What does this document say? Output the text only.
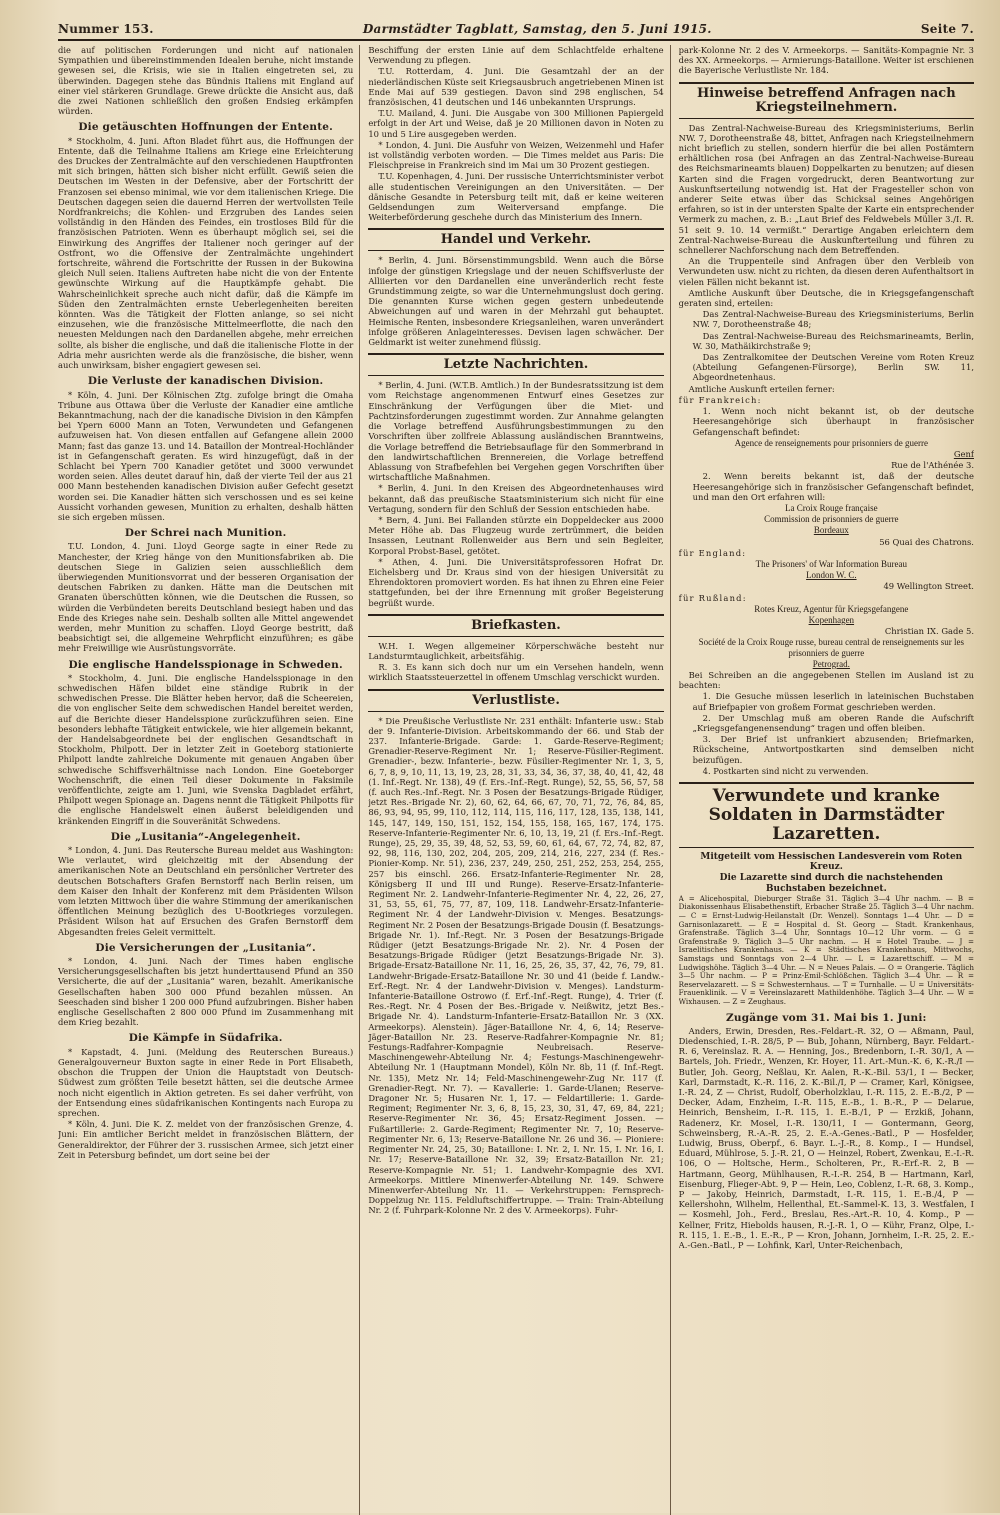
Nummer 153.	Darmstädter Tagblatt, Samstag, den 5. Juni 1915.	Seite 7.

die auf politischen Forderungen und nicht auf nationalen Sympathien und übereinstimmenden Idealen beruhe, nicht imstande gewesen sei, die Krisis, wie sie in Italien eingetreten sei, zu überwinden. Dagegen stehe das Bündnis Italiens mit England auf einer viel stärkeren Grundlage. Grewe drückte die Ansicht aus, daß die zwei Nationen schließlich den großen Endsieg erkämpfen würden.

Die getäuschten Hoffnungen der Entente.

* Stockholm, 4. Juni. Afton Bladet führt aus, die Hoffnungen der Entente, daß die Teilnahme Italiens am Kriege eine Erleichterung des Druckes der Zentralmächte auf den verschiedenen Hauptfronten mit sich bringen, hätten sich bisher nicht erfüllt. Gewiß seien die Deutschen im Westen in der Defensive, aber der Fortschritt der Franzosen sei ebenso minimal, wie vor dem italienischen Kriege. Die Deutschen dagegen seien die dauernd Herren der wertvollsten Teile Nordfrankreichs; die Kohlen- und Erzgruben des Landes seien vollständig in den Händen des Feindes, ein trostloses Bild für die französischen Patrioten. Wenn es überhaupt möglich sei, sei die Einwirkung des Angriffes der Italiener noch geringer auf der Ostfront, wo die Offensive der Zentralmächte ungehindert fortschreite, während die Fortschritte der Russen in der Bukowina gleich Null seien. Italiens Auftreten habe nicht die von der Entente gewünschte Wirkung auf die Hauptkämpfe gehabt. Die Wahrscheinlichkeit spreche auch nicht dafür, daß die Kämpfe im Süden den Zentralmächten ernste Ueberlegenheiten bereiten könnten. Was die Tätigkeit der Flotten anlange, so sei nicht einzusehen, wie die französische Mittelmeerflotte, die nach den neuesten Meldungen nach den Dardanellen abgehe, mehr erreichen sollte, als bisher die englische, und daß die italienische Flotte in der Adria mehr ausrichten werde als die französische, die bisher, wenn auch unwirksam, bisher engagiert gewesen sei.

Die Verluste der kanadischen Division.

* Köln, 4. Juni. Der Kölnischen Ztg. zufolge bringt die Omaha Tribune aus Ottawa über die Verluste der Kanadier eine amtliche Bekanntmachung, nach der die kanadische Division in den Kämpfen bei Ypern 6000 Mann an Toten, Verwundeten und Gefangenen aufzuweisen hat. Von diesen entfallen auf Gefangene allein 2000 Mann; fast das ganze 13. und 14. Bataillon der Montreal-Hochländer ist in Gefangenschaft geraten. Es wird hinzugefügt, daß in der Schlacht bei Ypern 700 Kanadier getötet und 3000 verwundet worden seien. Alles deutet darauf hin, daß der vierte Teil der aus 21 000 Mann bestehenden kanadischen Division außer Gefecht gesetzt worden sei. Die Kanadier hätten sich verschossen und es sei keine Aussicht vorhanden gewesen, Munition zu erhalten, deshalb hätten sie sich ergeben müssen.

Der Schrei nach Munition.

T.U. London, 4. Juni. Lloyd George sagte in einer Rede zu Manchester, der Krieg hänge von den Munitionsfabriken ab. Die deutschen Siege in Galizien seien ausschließlich dem überwiegenden Munitionsvorrat und der besseren Organisation der deutschen Fabriken zu danken. Hätte man die Deutschen mit Granaten überschütten können, wie die Deutschen die Russen, so würden die Verbündeten bereits Deutschland besiegt haben und das Ende des Krieges nahe sein. Deshalb sollten alle Mittel angewendet werden, mehr Munition zu schaffen. Lloyd George bestritt, daß beabsichtigt sei, die allgemeine Wehrpflicht einzuführen; es gäbe mehr Freiwillige wie Ausrüstungsvorräte.

Die englische Handelsspionage in Schweden.

* Stockholm, 4. Juni. Die englische Handelsspionage in den schwedischen Häfen bildet eine ständige Rubrik in der schwedischen Presse. Die Blätter heben hervor, daß die Scheereien, die von englischer Seite dem schwedischen Handel bereitet werden, auf die Berichte dieser Handelsspione zurückzuführen seien. Eine besonders lebhafte Tätigkeit entwickele, wie hier allgemein bekannt, der Handelsabgeordnete bei der englischen Gesandtschaft in Stockholm, Philpott. Der in letzter Zeit in Goeteborg stationierte Philpott landte zahlreiche Dokumente mit genauen Angaben über schwedische Schiffsverhältnisse nach London. Eine Goeteborger Wochenschrift, die einen Teil dieser Dokumente in Faksimile veröffentlichte, zeigte am 1. Juni, wie Svenska Dagbladet erfährt, Philpott wegen Spionage an. Dagens nennt die Tätigkeit Philpotts für die englische Handelswelt einen äußerst beleidigenden und kränkenden Eingriff in die Souveränität Schwedens.

Die „Lusitania“-Angelegenheit.

* London, 4. Juni. Das Reutersche Bureau meldet aus Washington: Wie verlautet, wird gleichzeitig mit der Absendung der amerikanischen Note an Deutschland ein persönlicher Vertreter des deutschen Botschafters Grafen Bernstorff nach Berlin reisen, um dem Kaiser den Inhalt der Konferenz mit dem Präsidenten Wilson vom letzten Mittwoch über die wahre Stimmung der amerikanischen öffentlichen Meinung bezüglich des U-Bootkrieges vorzulegen. Präsident Wilson hat auf Ersuchen des Grafen Bernstorff dem Abgesandten freies Geleit vermittelt.

Die Versicherungen der „Lusitania“.

* London, 4. Juni. Nach der Times haben englische Versicherungsgesellschaften bis jetzt hunderttausend Pfund an 350 Versicherte, die auf der „Lusitania“ waren, bezahlt. Amerikanische Gesellschaften haben 300 000 Pfund bezahlen müssen. An Seeschaden sind bisher 1 200 000 Pfund aufzubringen. Bisher haben englische Gesellschaften 2 800 000 Pfund im Zusammenhang mit dem Krieg bezahlt.

Die Kämpfe in Südafrika.

* Kapstadt, 4. Juni. (Meldung des Reuterschen Bureaus.) Generalgouverneur Buxton sagte in einer Rede in Port Elisabeth, obschon die Truppen der Union die Hauptstadt von Deutsch-Südwest zum größten Teile besetzt hätten, sei die deutsche Armee noch nicht eigentlich in Aktion getreten. Es sei daher verfrüht, von der Entsendung eines südafrikanischen Kontingents nach Europa zu sprechen.

* Köln, 4. Juni. Die K. Z. meldet von der französischen Grenze, 4. Juni: Ein amtlicher Bericht meldet in französischen Blättern, der Generaldirektor, der Führer der 3. russischen Armee, sich jetzt einer Zeit in Petersburg befindet, um dort seine bei der

Beschiffung der ersten Linie auf dem Schlachtfelde erhaltene Verwendung zu pflegen.

T.U. Rotterdam, 4. Juni. Die Gesamtzahl der an der niederländischen Küste seit Kriegsausbruch angetriebenen Minen ist Ende Mai auf 539 gestiegen. Davon sind 298 englischen, 54 französischen, 41 deutschen und 146 unbekannten Ursprungs.

T.U. Mailand, 4. Juni. Die Ausgabe von 300 Millionen Papiergeld erfolgt in der Art und Weise, daß je 20 Millionen davon in Noten zu 10 und 5 Lire ausgegeben werden.

* London, 4. Juni. Die Ausfuhr von Weizen, Weizenmehl und Hafer ist vollständig verboten worden. — Die Times meldet aus Paris: Die Fleischpreise in Frankreich sind im Mai um 30 Prozent gestiegen.

T.U. Kopenhagen, 4. Juni. Der russische Unterrichtsminister verbot alle studentischen Vereinigungen an den Universitäten. — Der dänische Gesandte in Petersburg teilt mit, daß er keine weiteren Geldsendungen zum Weiterversand empfange. Die Weiterbeförderung geschehe durch das Ministerium des Innern.

Handel und Verkehr.

* Berlin, 4. Juni. Börsenstimmungsbild. Wenn auch die Börse infolge der günstigen Kriegslage und der neuen Schiffsverluste der Alliierten vor den Dardanellen eine unveränderlich recht feste Grundstimmung zeigte, so war die Unternehmungslust doch gering. Die genannten Kurse wichen gegen gestern unbedeutende Abweichungen auf und waren in der Mehrzahl gut behauptet. Heimische Renten, insbesondere Kriegsanleihen, waren unverändert infolge größeren Anlageinteresses. Devisen lagen schwächer. Der Geldmarkt ist weiter zunehmend flüssig.

Letzte Nachrichten.

* Berlin, 4. Juni. (W.T.B. Amtlich.) In der Bundesratssitzung ist dem vom Reichstage angenommenen Entwurf eines Gesetzes zur Einschränkung der Verfügungen über die Miet- und Pachtzinsforderungen zugestimmt worden. Zur Annahme gelangten die Vorlage betreffend Ausführungsbestimmungen zu den Vorschriften über zollfreie Ablassung ausländischen Branntweins, die Vorlage betreffend die Betriebsauflage für den Sommerbrand in den landwirtschaftlichen Brennereien, die Vorlage betreffend Ablassung von Strafbefehlen bei Vergehen gegen Vorschriften über wirtschaftliche Maßnahmen.

* Berlin, 4. Juni. In den Kreisen des Abgeordnetenhauses wird bekannt, daß das preußische Staatsministerium sich nicht für eine Vertagung, sondern für den Schluß der Session entschieden habe.

* Bern, 4. Juni. Bei Fallanden stürzte ein Doppeldecker aus 2000 Meter Höhe ab. Das Flugzeug wurde zertrümmert, die beiden Insassen, Leutnant Rollenweider aus Bern und sein Begleiter, Korporal Probst-Basel, getötet.

* Athen, 4. Juni. Die Universitätsprofessoren Hofrat Dr. Eichelsberg und Dr. Kraus sind von der hiesigen Universität zu Ehrendoktoren promoviert worden. Es hat ihnen zu Ehren eine Feier stattgefunden, bei der ihre Ernennung mit großer Begeisterung begrüßt wurde.

Briefkasten.

W.H. I. Wegen allgemeiner Körperschwäche besteht nur Landsturmtauglichkeit, arbeitsfähig.

R. 3. Es kann sich doch nur um ein Versehen handeln, wenn wirklich Staatssteuerzettel in offenem Umschlag verschickt wurden.

Verlustliste.

* Die Preußische Verlustliste Nr. 231 enthält: Infanterie usw.: Stab der 9. Infanterie-Division. Arbeitskommando der 66. und Stab der 237. Infanterie-Brigade. Garde: 1. Garde-Reserve-Regiment; Grenadier-Reserve-Regiment Nr. 1; Reserve-Füsilier-Regiment. Grenadier-, bezw. Infanterie-, bezw. Füsilier-Regimenter Nr. 1, 3, 5, 6, 7, 8, 9, 10, 11, 13, 19, 23, 28, 31, 33, 34, 36, 37, 38, 40, 41, 42, 48 (1. Inf.-Regt. Nr. 138), 49 (f. Ers.-Inf.-Regt. Runge), 52, 55, 56, 57, 58 (f. auch Res.-Inf.-Regt. Nr. 3 Posen der Besatzungs-Brigade Rüdiger, jetzt Res.-Brigade Nr. 2), 60, 62, 64, 66, 67, 70, 71, 72, 76, 84, 85, 86, 93, 94, 95, 99, 110, 112, 114, 115, 116, 117, 128, 135, 138, 141, 145, 147, 149, 150, 151, 152, 154, 155, 158, 165, 167, 174, 175. Reserve-Infanterie-Regimenter Nr. 6, 10, 13, 19, 21 (f. Ers.-Inf.-Regt. Runge), 25, 29, 35, 39, 48, 52, 53, 59, 60, 61, 64, 67, 72, 74, 82, 87, 92, 98, 116, 130, 202, 204, 205, 209, 214, 216, 227, 234 (f. Res.-Pionier-Komp. Nr. 51), 236, 237, 249, 250, 251, 252, 253, 254, 255, 257 bis einschl. 266. Ersatz-Infanterie-Regimenter Nr. 28, Königsberg II und III und Runge). Reserve-Ersatz-Infanterie-Regiment Nr. 2. Landwehr-Infanterie-Regimenter Nr. 4, 22, 26, 27, 31, 53, 55, 61, 75, 77, 87, 109, 118. Landwehr-Ersatz-Infanterie-Regiment Nr. 4 der Landwehr-Division v. Menges. Besatzungs-Regiment Nr. 2 Posen der Besatzungs-Brigade Dousin (f. Besatzungs-Brigade Nr. 1). Inf.-Regt. Nr. 3 Posen der Besatzungs-Brigade Rüdiger (jetzt Besatzungs-Brigade Nr. 2). Nr. 4 Posen der Besatzungs-Brigade Rüdiger (jetzt Besatzungs-Brigade Nr. 3). Brigade-Ersatz-Bataillone Nr. 11, 16, 25, 26, 35, 37, 42, 76, 79, 81. Landwehr-Brigade-Ersatz-Bataillone Nr. 30 und 41 (beide f. Landw.-Erf.-Regt. Nr. 4 der Landwehr-Division v. Menges). Landsturm-Infanterie-Bataillone Ostrowo (f. Erf.-Inf.-Regt. Runge), 4. Trier (f. Res.-Regt. Nr. 4 Posen der Bes.-Brigade v. Neißwitz, jetzt Bes.-Brigade Nr. 4). Landsturm-Infanterie-Ersatz-Bataillon Nr. 3 (XX. Armeekorps). Alenstein). Jäger-Bataillone Nr. 4, 6, 14; Reserve-Jäger-Bataillon Nr. 23. Reserve-Radfahrer-Kompagnie Nr. 81; Festungs-Radfahrer-Kompagnie Neubreisach. Reserve-Maschinengewehr-Abteilung Nr. 4; Festungs-Maschinengewehr-Abteilung Nr. 1 (Hauptmann Mondel), Köln Nr. 8b, 11 (f. Inf.-Regt. Nr. 135), Metz Nr. 14; Feld-Maschinengewehr-Zug Nr. 117 (f. Grenadier-Regt. Nr. 7). — Kavallerie: 1. Garde-Ulanen; Reserve-Dragoner Nr. 5; Husaren Nr. 1, 17. — Feldartillerie: 1. Garde-Regiment; Regimenter Nr. 3, 6, 8, 15, 23, 30, 31, 47, 69, 84, 221; Reserve-Regimenter Nr. 36, 45; Ersatz-Regiment Jossen. — Fußartillerie: 2. Garde-Regiment; Regimenter Nr. 7, 10; Reserve-Regimenter Nr. 6, 13; Reserve-Bataillone Nr. 26 und 36. — Pioniere: Regimenter Nr. 24, 25, 30; Bataillone: I. Nr. 2, I. Nr. 15, I. Nr. 16, I. Nr. 17; Reserve-Bataillone Nr. 32, 39; Ersatz-Bataillon Nr. 21; Reserve-Kompagnie Nr. 51; 1. Landwehr-Kompagnie des XVI. Armeekorps. Mittlere Minenwerfer-Abteilung Nr. 149. Schwere Minenwerfer-Abteilung Nr. 11. — Verkehrstruppen: Fernsprech-Doppelzug Nr. 115. Feldluftschiffertruppe. — Train: Train-Abteilung Nr. 2 (f. Fuhrpark-Kolonne Nr. 2 des V. Armeekorps). Fuhr-

park-Kolonne Nr. 2 des V. Armeekorps. — Sanitäts-Kompagnie Nr. 3 des XX. Armeekorps. — Armierungs-Bataillone. Weiter ist erschienen die Bayerische Verlustliste Nr. 184.

Hinweise betreffend Anfragen nach Kriegsteilnehmern.

Das Zentral-Nachweise-Bureau des Kriegsministeriums, Berlin NW. 7, Dorotheenstraße 48, bittet, Anfragen nach Kriegsteilnehmern nicht brieflich zu stellen, sondern hierfür die bei allen Postämtern erhältlichen rosa (bei Anfragen an das Zentral-Nachweise-Bureau des Reichsmarineamts blauen) Doppelkarten zu benutzen; auf diesen Karten sind die Fragen vorgedruckt, deren Beantwortung zur Auskunftserteilung notwendig ist. Hat der Fragesteller schon von anderer Seite etwas über das Schicksal seines Angehörigen erfahren, so ist in der untersten Spalte der Karte ein entsprechender Vermerk zu machen, z. B.: „Laut Brief des Feldwebels Müller 3./I. R. 51 seit 9. 10. 14 vermißt.“ Derartige Angaben erleichtern dem Zentral-Nachweise-Bureau die Auskunfterteilung und führen zu schnellerer Nachforschung nach dem Betreffenden.

An die Truppenteile sind Anfragen über den Verbleib von Verwundeten usw. nicht zu richten, da diesen deren Aufenthaltsort in vielen Fällen nicht bekannt ist.

Amtliche Auskunft über Deutsche, die in Kriegsgefangenschaft geraten sind, erteilen:

Das Zentral-Nachweise-Bureau des Kriegsministeriums, Berlin NW. 7, Dorotheenstraße 48;

Das Zentral-Nachweise-Bureau des Reichsmarineamts, Berlin, W. 30, Mathäikirchstraße 9;

Das Zentralkomitee der Deutschen Vereine vom Roten Kreuz (Abteilung Gefangenen-Fürsorge), Berlin SW. 11, Abgeordnetenhaus.

Amtliche Auskunft erteilen ferner:

für Frankreich:

1. Wenn noch nicht bekannt ist, ob der deutsche Heeresangehörige sich überhaupt in französischer Gefangenschaft befindet:

Agence de renseignements pour prisonniers de guerre

Genf

Rue de l'Athénée 3.

2. Wenn bereits bekannt ist, daß der deutsche Heeresangehörige sich in französischer Gefangenschaft befindet, und man den Ort erfahren will:

La Croix Rouge française

Commission de prisonniers de guerre

Bordeaux

56 Quai des Chatrons.

für England:

The Prisoners' of War Information Bureau

London W. C.

49 Wellington Street.

für Rußland:

Rotes Kreuz, Agentur für Kriegsgefangene

Kopenhagen

Christian IX. Gade 5.

Société de la Croix Rouge russe, bureau central de renseignements sur les prisonniers de guerre

Petrograd.

Bei Schreiben an die angegebenen Stellen im Ausland ist zu beachten:

1. Die Gesuche müssen leserlich in lateinischen Buchstaben auf Briefpapier von großem Format geschrieben werden.

2. Der Umschlag muß am oberen Rande die Aufschrift „Kriegsgefangenensendung“ tragen und offen bleiben.

3. Der Brief ist unfrankiert abzusenden; Briefmarken, Rückscheine, Antwortpostkarten sind demselben nicht beizufügen.

4. Postkarten sind nicht zu verwenden.

Verwundete und kranke Soldaten in Darmstädter Lazaretten.

Mitgeteilt vom Hessischen Landesverein vom Roten Kreuz.

Die Lazarette sind durch die nachstehenden Buchstaben bezeichnet.

A = Alicehospital, Dieburger Straße 31. Täglich 3—4 Uhr nachm. — B = Diakonissenhaus Elisabethenstift, Erbacher Straße 25. Täglich 3—4 Uhr nachm. — C = Ernst-Ludwig-Heilanstalt (Dr. Wenzel). Sonntags 1—4 Uhr. — D = Garnisonlazarett. — E = Hospital d. St. Georg — Stadt. Krankenhaus, Grafenstraße. Täglich 3—4 Uhr, Sonntags 10—12 Uhr vorm. — G = Grafenstraße 9. Täglich 3—5 Uhr nachm. — H = Hotel Traube. — J = Israelitisches Krankenhaus. — K = Städtisches Krankenhaus, Mittwochs, Samstags und Sonntags von 2—4 Uhr. — L = Lazarettschiff. — M = Ludwigshöhe. Täglich 3—4 Uhr. — N = Neues Palais. — O = Orangerie. Täglich 3—5 Uhr nachm. — P = Prinz-Emil-Schlößchen. Täglich 3—4 Uhr. — R = Reservelazarett. — S = Schwesternhaus. — T = Turnhalle. — U = Universitäts-Frauenklinik. — V = Vereinslazarett Mathildenhöhe. Täglich 3—4 Uhr. — W = Wixhausen. — Z = Zeughaus.

Zugänge vom 31. Mai bis 1. Juni:

Anders, Erwin, Dresden, Res.-Feldart.-R. 32, O — Aßmann, Paul, Diedenschied, I.-R. 28/5, P — Bub, Johann, Nürnberg, Bayr. Feldart.-R. 6, Vereinslaz. R. A. — Henning, Jos., Bredenborn, I.-R. 30/1, A — Bartels, Joh. Friedr., Wenzen, Kr. Hoyer, 11. Art.-Mun.-K. 6, K.-R./I — Butler, Joh. Georg, Neßlau, Kr. Aalen, R.-K.-Bil. 53/1, I — Becker, Karl, Darmstadt, K.-R. 116, 2. K.-Bil./I, P — Cramer, Karl, Königsee, I.-R. 24, Z — Christ, Rudolf, Oberholzklau, I.-R. 115, 2. E.-B./2, P — Decker, Adam, Enzheim, I.-R. 115, E.-B., 1. B.-R., P — Delarue, Heinrich, Bensheim, I.-R. 115, 1. E.-B./1, P — Erzkiß, Johann, Radenerz, Kr. Mosel, I.-R. 130/11, I — Gontermann, Georg, Schweinsberg, R.-A.-R. 25, 2. E.-A.-Genes.-Batl., P — Hosfelder, Ludwig, Bruss, Oberpf., 6. Bayr. L.-J.-R., 8. Komp., I — Hundsel, Eduard, Mühlrose, 5. J.-R. 21, O — Heinzel, Robert, Zwenkau, E.-I.-R. 106, O — Holtsche, Herm., Scholteren, Pr., R.-Erf.-R. 2, B — Hartmann, Georg, Mühlhausen, R.-I.-R. 254, B — Hartmann, Karl, Eisenburg, Flieger-Abt. 9, P — Hein, Leo, Coblenz, I.-R. 68, 3. Komp., P — Jakoby, Heinrich, Darmstadt, I.-R. 115, 1. E.-B./4, P — Kellershohn, Wilhelm, Hellenthal, Et.-Sammel-K. 13, 3. Westfalen, I — Kosmehl, Joh., Ferd., Breslau, Res.-Art.-R. 10, 4. Komp., P — Kellner, Fritz, Hiebolds hausen, R.-J.-R. 1, O — Kühr, Franz, Olpe, I.-R. 115, 1. E.-B., 1. E.-R., P — Kron, Johann, Jornheim, I.-R. 25, 2. E.-A.-Gen.-Batl., P — Lohfink, Karl, Unter-Reichenbach,
